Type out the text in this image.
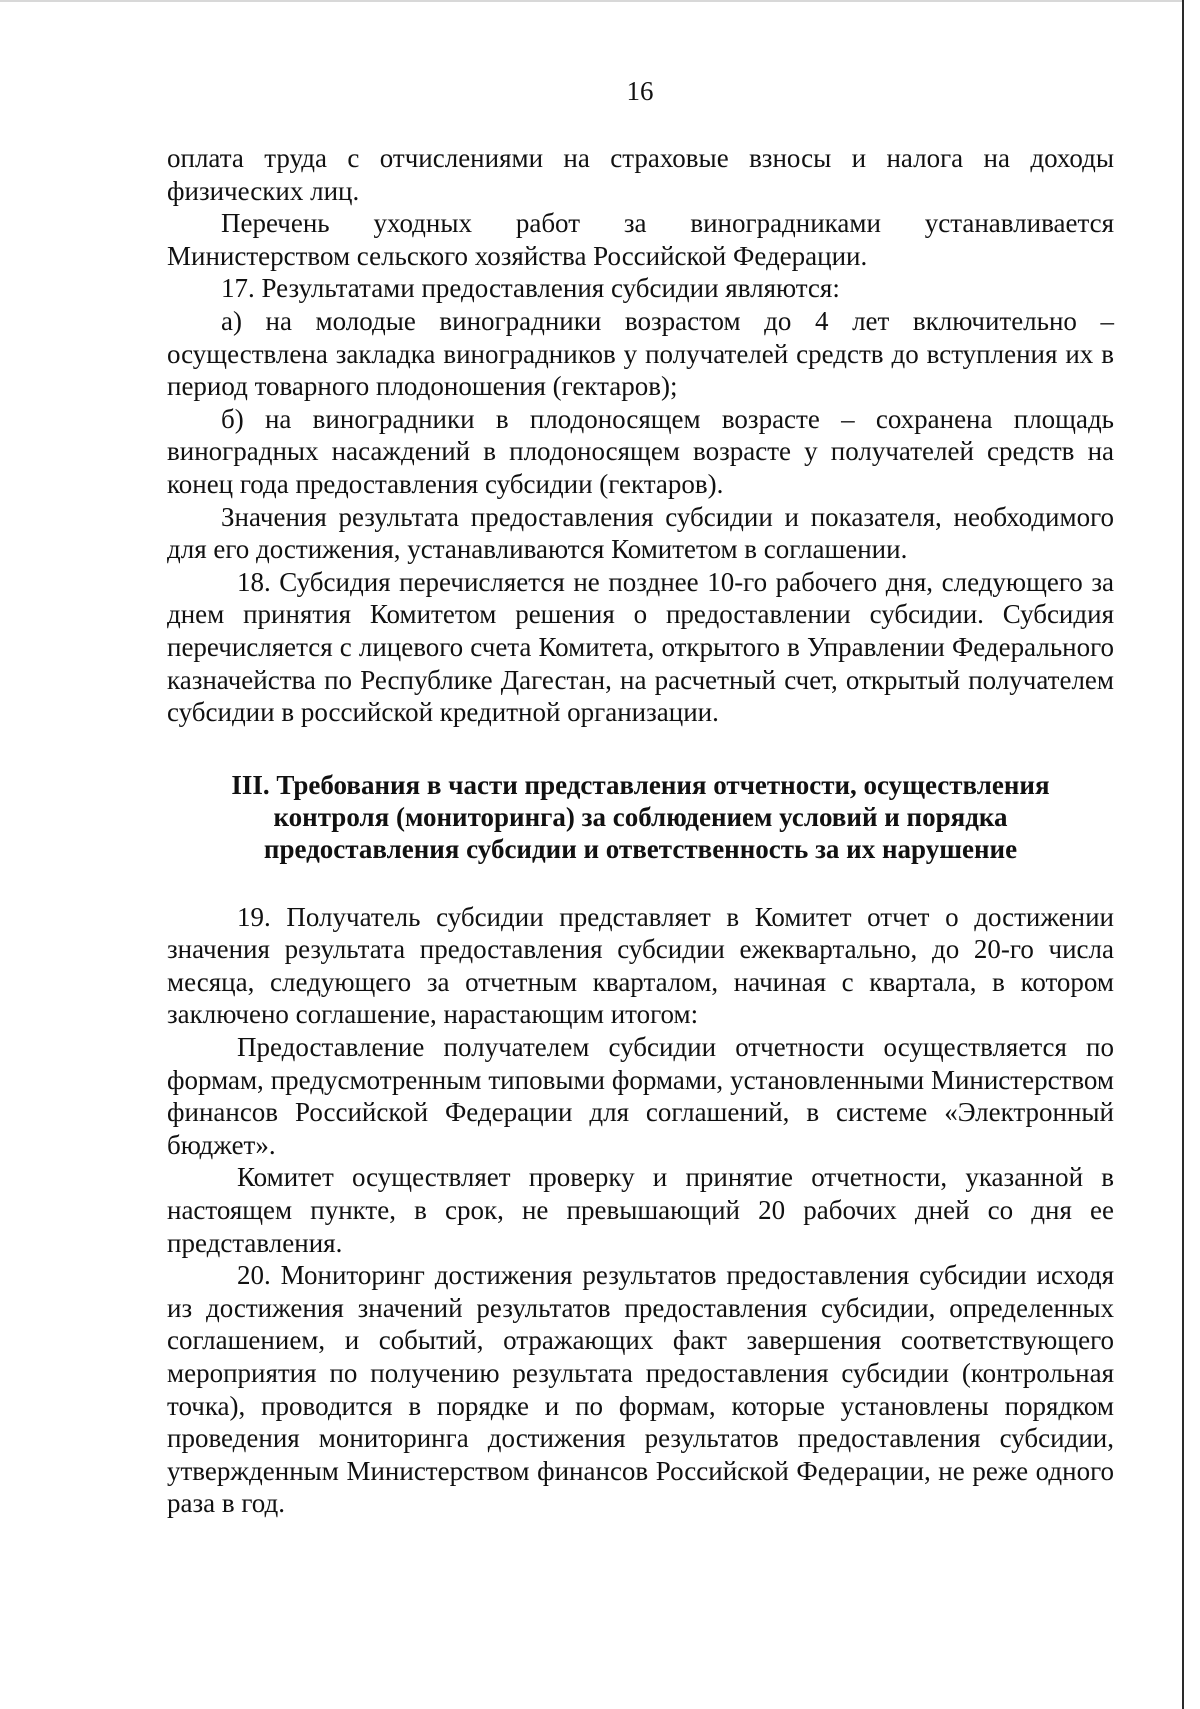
16

оплата труда с отчислениями на страховые взносы и налога на доходы физических лиц.

Перечень уходных работ за виноградниками устанавливается Министерством сельского хозяйства Российской Федерации.

17. Результатами предоставления субсидии являются:

а) на молодые виноградники возрастом до 4 лет включительно – осуществлена закладка виноградников у получателей средств до вступления их в период товарного плодоношения (гектаров);

б) на виноградники в плодоносящем возрасте – сохранена площадь виноградных насаждений в плодоносящем возрасте у получателей средств на конец года предоставления субсидии (гектаров).

Значения результата предоставления субсидии и показателя, необходимого для его достижения, устанавливаются Комитетом в соглашении.

18. Субсидия перечисляется не позднее 10-го рабочего дня, следующего за днем принятия Комитетом решения о предоставлении субсидии. Субсидия перечисляется с лицевого счета Комитета, открытого в Управлении Федерального казначейства по Республике Дагестан, на расчетный счет, открытый получателем субсидии в российской кредитной организации.

III. Требования в части представления отчетности, осуществления
контроля (мониторинга) за соблюдением условий и порядка
предоставления субсидии и ответственность за их нарушение

19. Получатель субсидии представляет в Комитет отчет о достижении значения результата предоставления субсидии ежеквартально, до 20-го числа месяца, следующего за отчетным кварталом, начиная с квартала, в котором заключено соглашение, нарастающим итогом:

Предоставление получателем субсидии отчетности осуществляется по формам, предусмотренным типовыми формами, установленными Министерством финансов Российской Федерации для соглашений, в системе «Электронный бюджет».

Комитет осуществляет проверку и принятие отчетности, указанной в настоящем пункте, в срок, не превышающий 20 рабочих дней со дня ее представления.

20. Мониторинг достижения результатов предоставления субсидии исходя из достижения значений результатов предоставления субсидии, определенных соглашением, и событий, отражающих факт завершения соответствующего мероприятия по получению результата предоставления субсидии (контрольная точка), проводится в порядке и по формам, которые установлены порядком проведения мониторинга достижения результатов предоставления субсидии, утвержденным Министерством финансов Российской Федерации, не реже одного раза в год.
